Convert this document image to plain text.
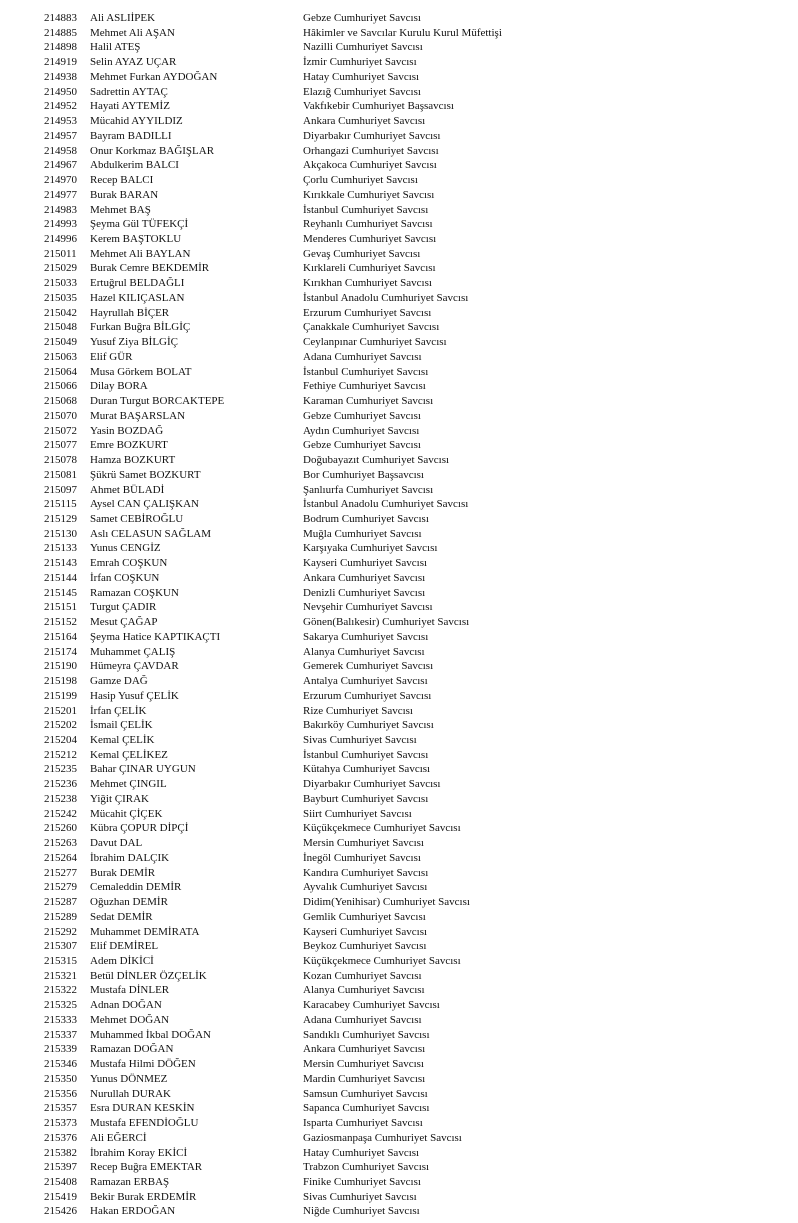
214883 Ali ASLIİPEK	Gebze Cumhuriyet Savcısı
214885 Mehmet Ali AŞAN	Hâkimler ve Savcılar Kurulu Kurul Müfettişi
214898 Halil ATEŞ	Nazilli Cumhuriyet Savcısı
214919 Selin AYAZ UÇAR	İzmir Cumhuriyet Savcısı
214938 Mehmet Furkan AYDOĞAN	Hatay Cumhuriyet Savcısı
214950 Sadrettin AYTAÇ	Elazığ Cumhuriyet Savcısı
214952 Hayati AYTEMİZ	Vakfıkebir Cumhuriyet Başsavcısı
214953 Mücahid AYYILDIZ	Ankara Cumhuriyet Savcısı
214957 Bayram BADILLI	Diyarbakır Cumhuriyet Savcısı
214958 Onur Korkmaz BAĞIŞLAR	Orhangazi Cumhuriyet Savcısı
214967 Abdulkerim BALCI	Akçakoca Cumhuriyet Savcısı
214970 Recep BALCI	Çorlu Cumhuriyet Savcısı
214977 Burak BARAN	Kırıkkale Cumhuriyet Savcısı
214983 Mehmet BAŞ	İstanbul Cumhuriyet Savcısı
214993 Şeyma Gül TÜFEKÇİ	Reyhanlı Cumhuriyet Savcısı
214996 Kerem BAŞTOKLU	Menderes Cumhuriyet Savcısı
215011 Mehmet Ali BAYLAN	Gevaş Cumhuriyet Savcısı
215029 Burak Cemre BEKDEMİR	Kırklareli Cumhuriyet Savcısı
215033 Ertuğrul BELDAĞLI	Kırıkhan Cumhuriyet Savcısı
215035 Hazel KILIÇASLAN	İstanbul Anadolu Cumhuriyet Savcısı
215042 Hayrullah BİÇER	Erzurum Cumhuriyet Savcısı
215048 Furkan Buğra BİLGİÇ	Çanakkale Cumhuriyet Savcısı
215049 Yusuf Ziya BİLGİÇ	Ceylanpınar Cumhuriyet Savcısı
215063 Elif GÜR	Adana Cumhuriyet Savcısı
215064 Musa Görkem BOLAT	İstanbul Cumhuriyet Savcısı
215066 Dilay BORA	Fethiye Cumhuriyet Savcısı
215068 Duran Turgut BORCAKTEPE	Karaman Cumhuriyet Savcısı
215070 Murat BAŞARSLAN	Gebze Cumhuriyet Savcısı
215072 Yasin BOZDAĞ	Aydın Cumhuriyet Savcısı
215077 Emre BOZKURT	Gebze Cumhuriyet Savcısı
215078 Hamza BOZKURT	Doğubayazıt Cumhuriyet Savcısı
215081 Şükrü Samet BOZKURT	Bor Cumhuriyet Başsavcısı
215097 Ahmet BÜLADİ	Şanlıurfa Cumhuriyet Savcısı
215115 Aysel CAN ÇALIŞKAN	İstanbul Anadolu Cumhuriyet Savcısı
215129 Samet CEBİROĞLU	Bodrum Cumhuriyet Savcısı
215130 Aslı CELASUN SAĞLAM	Muğla Cumhuriyet Savcısı
215133 Yunus CENGİZ	Karşıyaka Cumhuriyet Savcısı
215143 Emrah COŞKUN	Kayseri Cumhuriyet Savcısı
215144 İrfan COŞKUN	Ankara Cumhuriyet Savcısı
215145 Ramazan COŞKUN	Denizli Cumhuriyet Savcısı
215151 Turgut ÇADIR	Nevşehir Cumhuriyet Savcısı
215152 Mesut ÇAĞAP	Gönen(Balıkesir) Cumhuriyet Savcısı
215164 Şeyma Hatice KAPTIKAÇTI	Sakarya Cumhuriyet Savcısı
215174 Muhammet ÇALIŞ	Alanya Cumhuriyet Savcısı
215190 Hümeyra ÇAVDAR	Gemerek Cumhuriyet Savcısı
215198 Gamze DAĞ	Antalya Cumhuriyet Savcısı
215199 Hasip Yusuf ÇELİK	Erzurum Cumhuriyet Savcısı
215201 İrfan ÇELİK	Rize Cumhuriyet Savcısı
215202 İsmail ÇELİK	Bakırköy Cumhuriyet Savcısı
215204 Kemal ÇELİK	Sivas Cumhuriyet Savcısı
215212 Kemal ÇELİKEZ	İstanbul Cumhuriyet Savcısı
215235 Bahar ÇINAR UYGUN	Kütahya Cumhuriyet Savcısı
215236 Mehmet ÇINGIL	Diyarbakır Cumhuriyet Savcısı
215238 Yiğit ÇIRAK	Bayburt Cumhuriyet Savcısı
215242 Mücahit ÇİÇEK	Siirt Cumhuriyet Savcısı
215260 Kübra ÇOPUR DİPÇİ	Küçükçekmece Cumhuriyet Savcısı
215263 Davut DAL	Mersin Cumhuriyet Savcısı
215264 İbrahim DALÇIK	İnegöl Cumhuriyet Savcısı
215277 Burak DEMİR	Kandıra Cumhuriyet Savcısı
215279 Cemaleddin DEMİR	Ayvalık Cumhuriyet Savcısı
215287 Oğuzhan DEMİR	Didim(Yenihisar) Cumhuriyet Savcısı
215289 Sedat DEMİR	Gemlik Cumhuriyet Savcısı
215292 Muhammet DEMİRATA	Kayseri Cumhuriyet Savcısı
215307 Elif DEMİREL	Beykoz Cumhuriyet Savcısı
215315 Adem DİKİCİ	Küçükçekmece Cumhuriyet Savcısı
215321 Betül DİNLER ÖZÇELİK	Kozan Cumhuriyet Savcısı
215322 Mustafa DİNLER	Alanya Cumhuriyet Savcısı
215325 Adnan DOĞAN	Karacabey Cumhuriyet Savcısı
215333 Mehmet DOĞAN	Adana Cumhuriyet Savcısı
215337 Muhammed İkbal DOĞAN	Sandıklı Cumhuriyet Savcısı
215339 Ramazan DOĞAN	Ankara Cumhuriyet Savcısı
215346 Mustafa Hilmi DÖĞEN	Mersin Cumhuriyet Savcısı
215350 Yunus DÖNMEZ	Mardin Cumhuriyet Savcısı
215356 Nurullah DURAK	Samsun Cumhuriyet Savcısı
215357 Esra DURAN KESKİN	Sapanca Cumhuriyet Savcısı
215373 Mustafa EFENDİOĞLU	Isparta Cumhuriyet Savcısı
215376 Ali EĞERCİ	Gaziosmanpaşa Cumhuriyet Savcısı
215382 İbrahim Koray EKİCİ	Hatay Cumhuriyet Savcısı
215397 Recep Buğra EMEKTAR	Trabzon Cumhuriyet Savcısı
215408 Ramazan ERBAŞ	Finike Cumhuriyet Savcısı
215419 Bekir Burak ERDEMİR	Sivas Cumhuriyet Savcısı
215426 Hakan ERDOĞAN	Niğde Cumhuriyet Savcısı
